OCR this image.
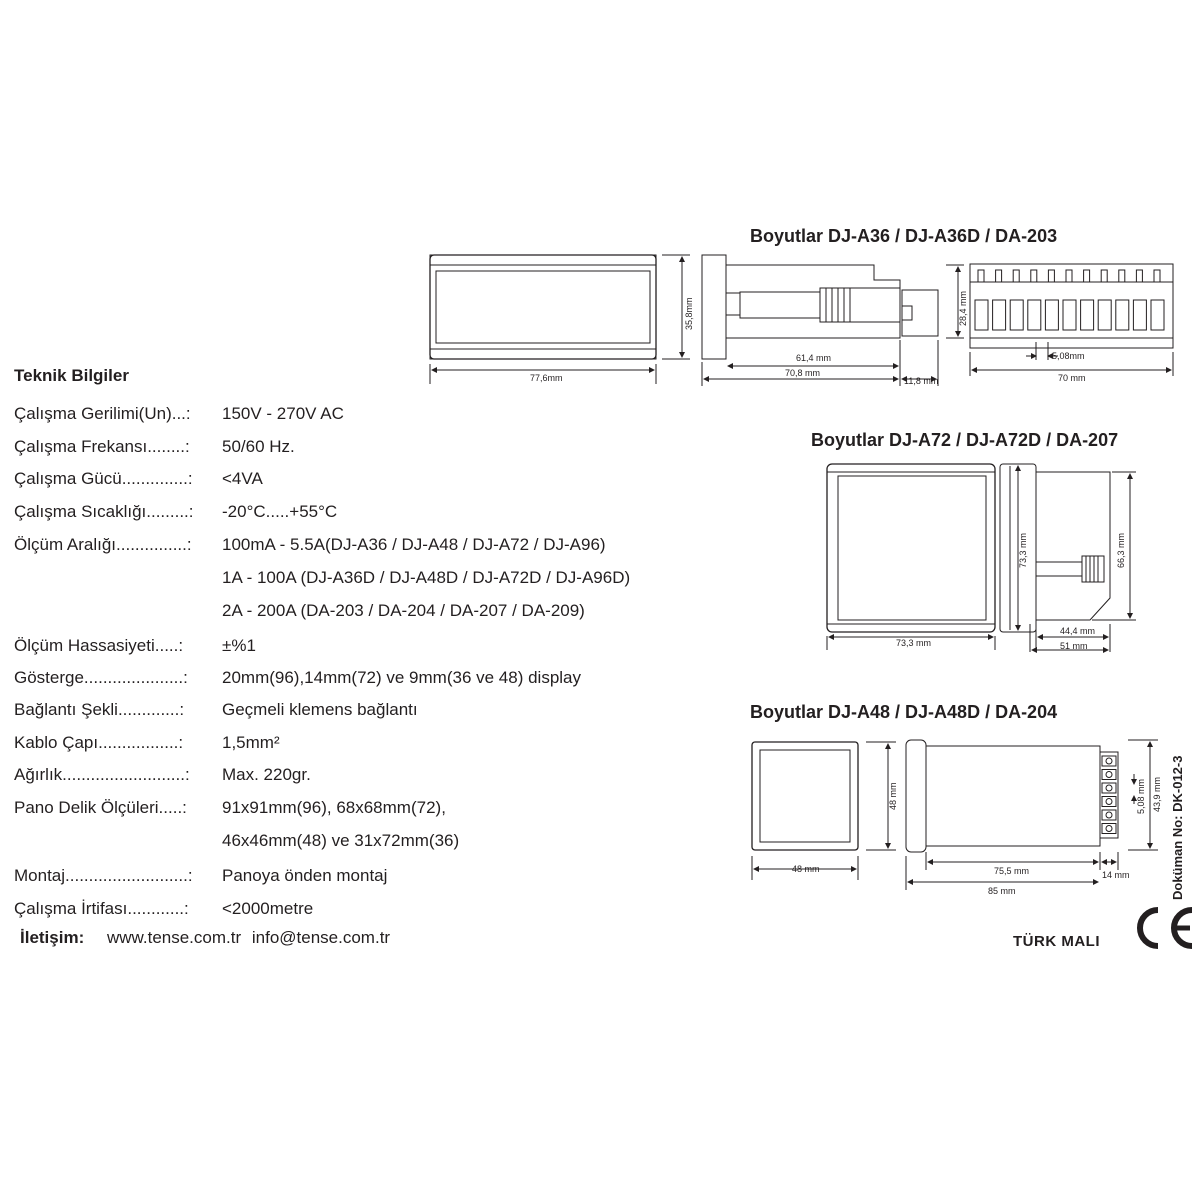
Teknik Bilgiler
Çalışma Gerilimi(Un)...: 150V - 270V AC
Çalışma Frekansı........: 50/60 Hz.
Çalışma Gücü..............: <4VA
Çalışma Sıcaklığı.........: -20°C.....+55°C
Ölçüm Aralığı...............: 100mA - 5.5A(DJ-A36 / DJ-A48 / DJ-A72 / DJ-A96)
1A - 100A (DJ-A36D / DJ-A48D / DJ-A72D / DJ-A96D)
2A - 200A (DA-203 / DA-204 / DA-207 / DA-209)
Ölçüm Hassasiyeti.....: ±%1
Gösterge.....................: 20mm(96),14mm(72) ve 9mm(36 ve 48) display
Bağlantı Şekli.............: Geçmeli klemens bağlantı
Kablo Çapı.................: 1,5mm²
Ağırlık..........................: Max. 220gr.
Pano Delik Ölçüleri.....: 91x91mm(96), 68x68mm(72),
46x46mm(48) ve 31x72mm(36)
Montaj..........................: Panoya önden montaj
Çalışma İrtifası............: <2000metre
İletişim: www.tense.com.tr info@tense.com.tr
Boyutlar DJ-A36 / DJ-A36D / DA-203
Boyutlar DJ-A72 / DJ-A72D / DA-207
Boyutlar DJ-A48 / DJ-A48D / DA-204
77,6mm
35,8mm
61,4 mm
70,8 mm
11,8 mm
28,4 mm
5,08mm
70 mm
73,3 mm
73,3 mm	66,3 mm
44,4 mm
51 mm
48 mm
48 mm
75,5 mm
85 mm
14 mm
5,08 mm 43,9 mm Doküman No: DK-012-3
TÜRK MALI
